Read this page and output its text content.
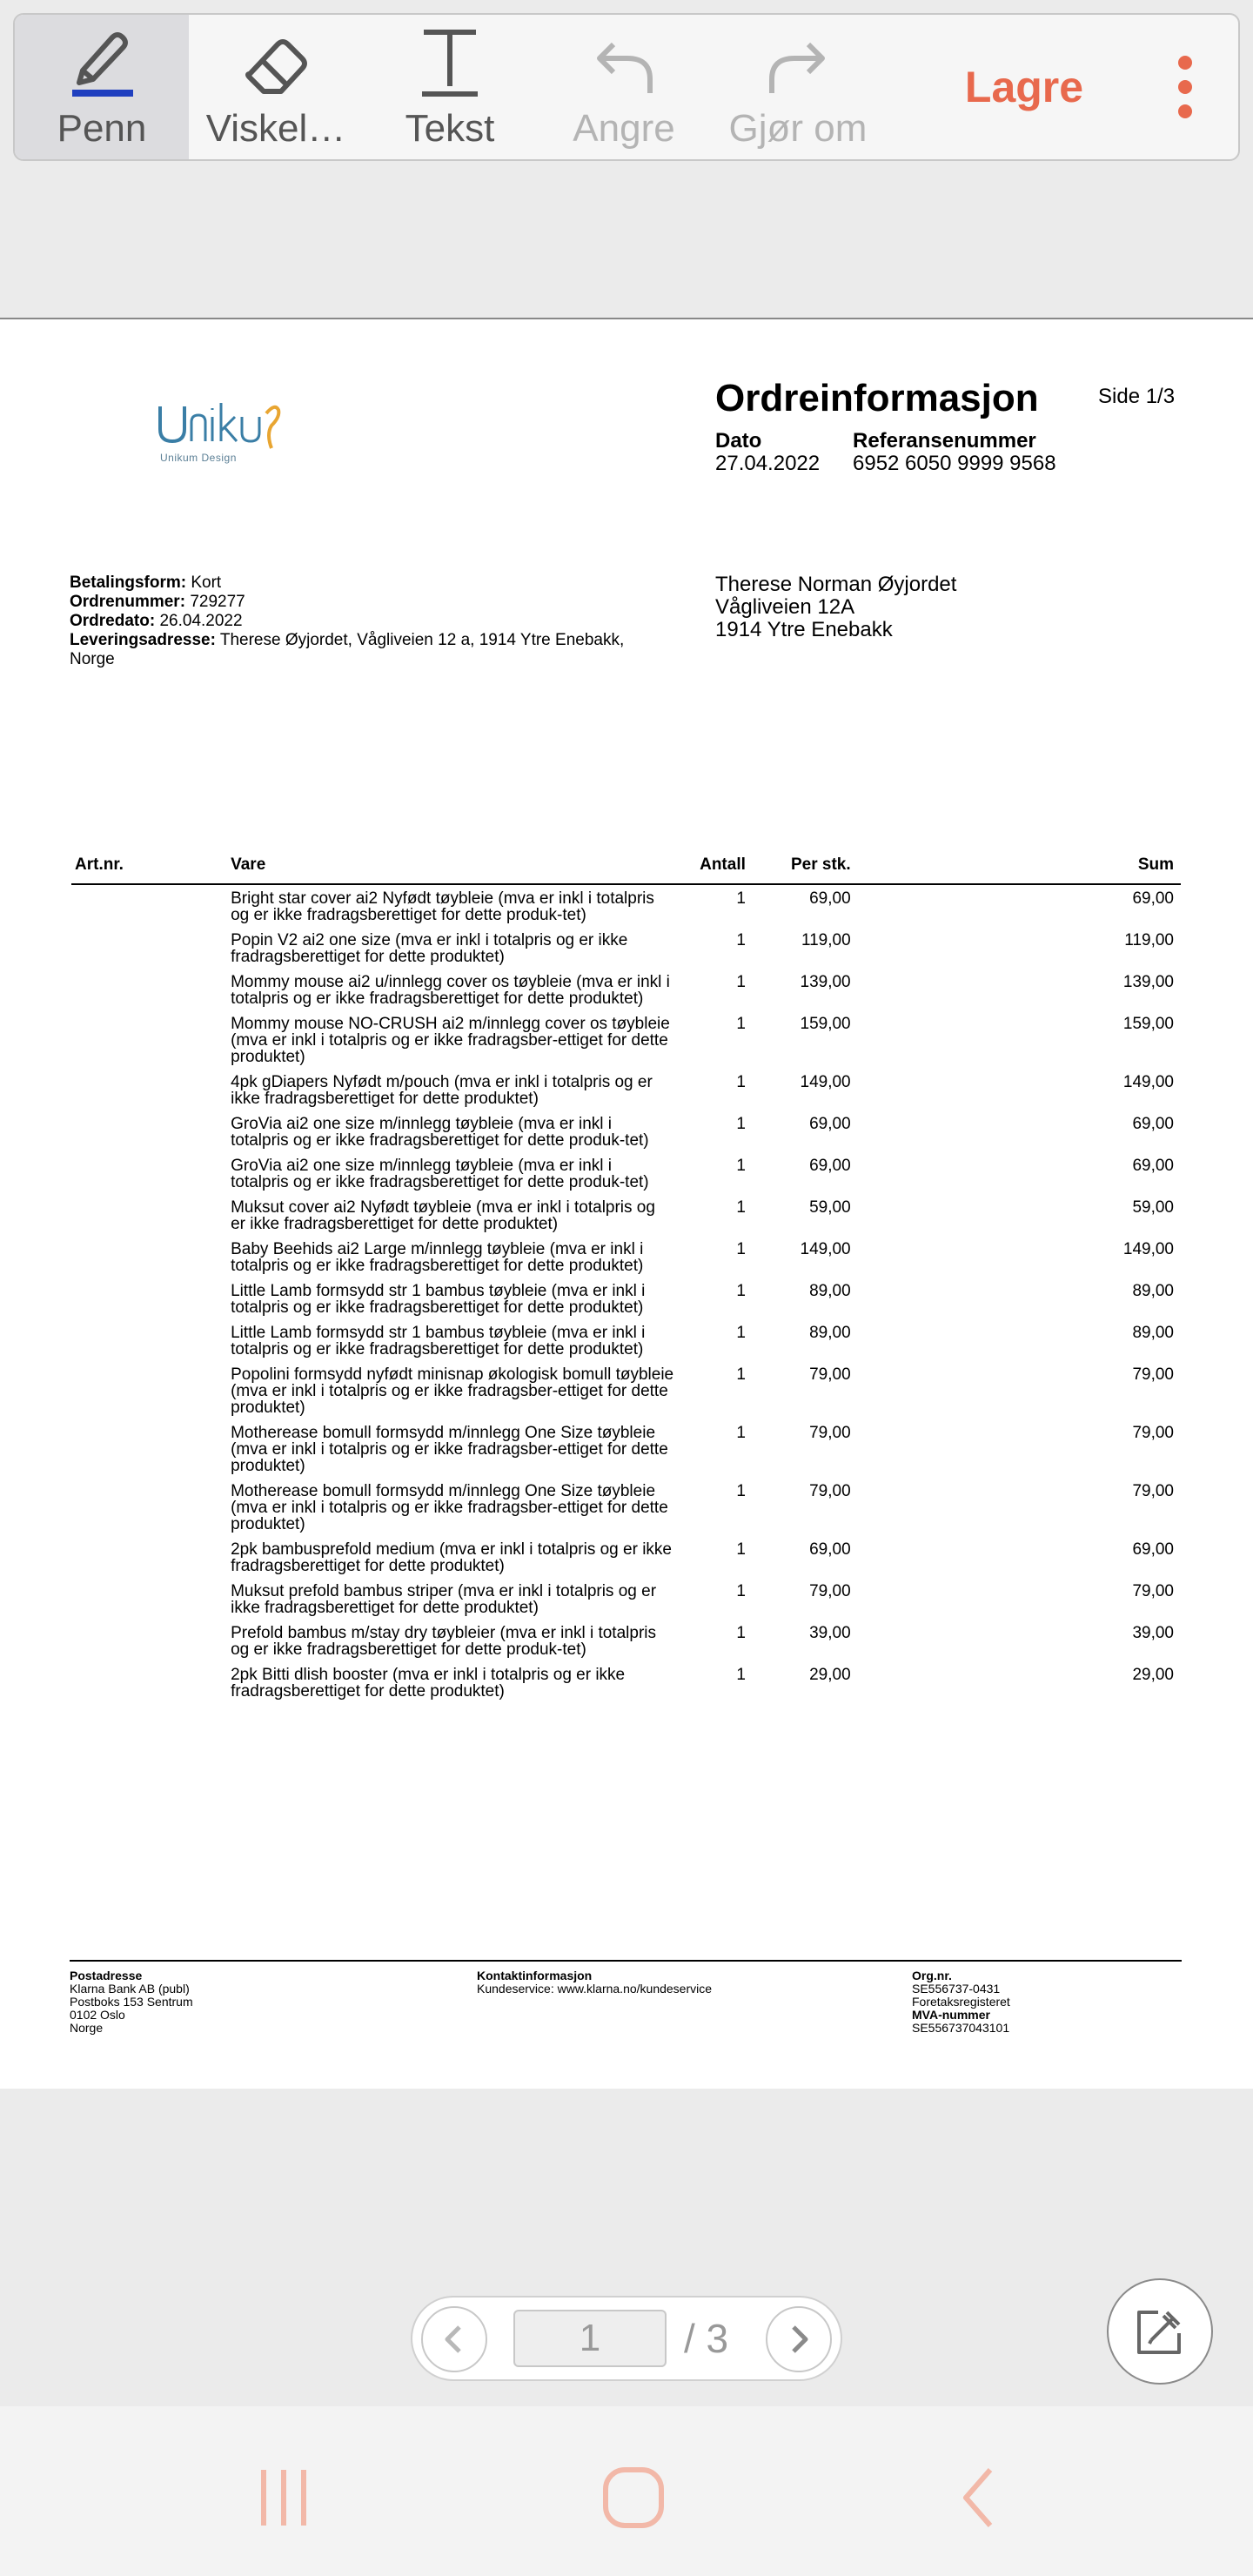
Penn Viskel… Tekst Angre Gjør om
Lagre
Unikum Design
Ordreinformasjon	Side 1/3
Dato
27.04.2022
Referansenummer
6952 6050 9999 9568
Betalingsform: Kort
Ordrenummer: 729277
Ordredato: 26.04.2022
Leveringsadresse: Therese Øyjordet, Vågliveien 12 a, 1914 Ytre Enebakk, Norge
Therese Norman Øyjordet
Vågliveien 12A
1914 Ytre Enebakk
Art.nr.	Vare	Antall	Per stk.	Sum
	Bright star cover ai2 Nyfødt tøybleie (mva er inkl i totalpris og er ikke fradragsberettiget for dette produk-tet)	1	69,00	69,00
	Popin V2 ai2 one size (mva er inkl i totalpris og er ikke fradragsberettiget for dette produktet)	1	119,00	119,00
	Mommy mouse ai2 u/innlegg cover os tøybleie (mva er inkl i totalpris og er ikke fradragsberettiget for dette produktet)	1	139,00	139,00
	Mommy mouse NO-CRUSH ai2 m/innlegg cover os tøybleie (mva er inkl i totalpris og er ikke fradragsber-ettiget for dette produktet)	1	159,00	159,00
	4pk gDiapers Nyfødt m/pouch (mva er inkl i totalpris og er ikke fradragsberettiget for dette produktet)	1	149,00	149,00
	GroVia ai2 one size m/innlegg tøybleie (mva er inkl i totalpris og er ikke fradragsberettiget for dette produk-tet)	1	69,00	69,00
	GroVia ai2 one size m/innlegg tøybleie (mva er inkl i totalpris og er ikke fradragsberettiget for dette produk-tet)	1	69,00	69,00
	Muksut cover ai2 Nyfødt tøybleie (mva er inkl i totalpris og er ikke fradragsberettiget for dette produktet)	1	59,00	59,00
	Baby Beehids ai2 Large m/innlegg tøybleie (mva er inkl i totalpris og er ikke fradragsberettiget for dette produktet)	1	149,00	149,00
	Little Lamb formsydd str 1 bambus tøybleie (mva er inkl i totalpris og er ikke fradragsberettiget for dette produktet)	1	89,00	89,00
	Little Lamb formsydd str 1 bambus tøybleie (mva er inkl i totalpris og er ikke fradragsberettiget for dette produktet)	1	89,00	89,00
	Popolini formsydd nyfødt minisnap økologisk bomull tøybleie (mva er inkl i totalpris og er ikke fradragsber-ettiget for dette produktet)	1	79,00	79,00
	Motherease bomull formsydd m/innlegg One Size tøybleie (mva er inkl i totalpris og er ikke fradragsber-ettiget for dette produktet)	1	79,00	79,00
	Motherease bomull formsydd m/innlegg One Size tøybleie (mva er inkl i totalpris og er ikke fradragsber-ettiget for dette produktet)	1	79,00	79,00
	2pk bambusprefold medium (mva er inkl i totalpris og er ikke fradragsberettiget for dette produktet)	1	69,00	69,00
	Muksut prefold bambus striper (mva er inkl i totalpris og er ikke fradragsberettiget for dette produktet)	1	79,00	79,00
	Prefold bambus m/stay dry tøybleier (mva er inkl i totalpris og er ikke fradragsberettiget for dette produk-tet)	1	39,00	39,00
	2pk Bitti dlish booster (mva er inkl i totalpris og er ikke fradragsberettiget for dette produktet)	1	29,00	29,00
Postadresse
Klarna Bank AB (publ)
Postboks 153 Sentrum
0102 Oslo
Norge
Kontaktinformasjon
Kundeservice: www.klarna.no/kundeservice
Org.nr.
SE556737-0431
Foretaksregisteret
MVA-nummer
SE556737043101
1	/ 3
